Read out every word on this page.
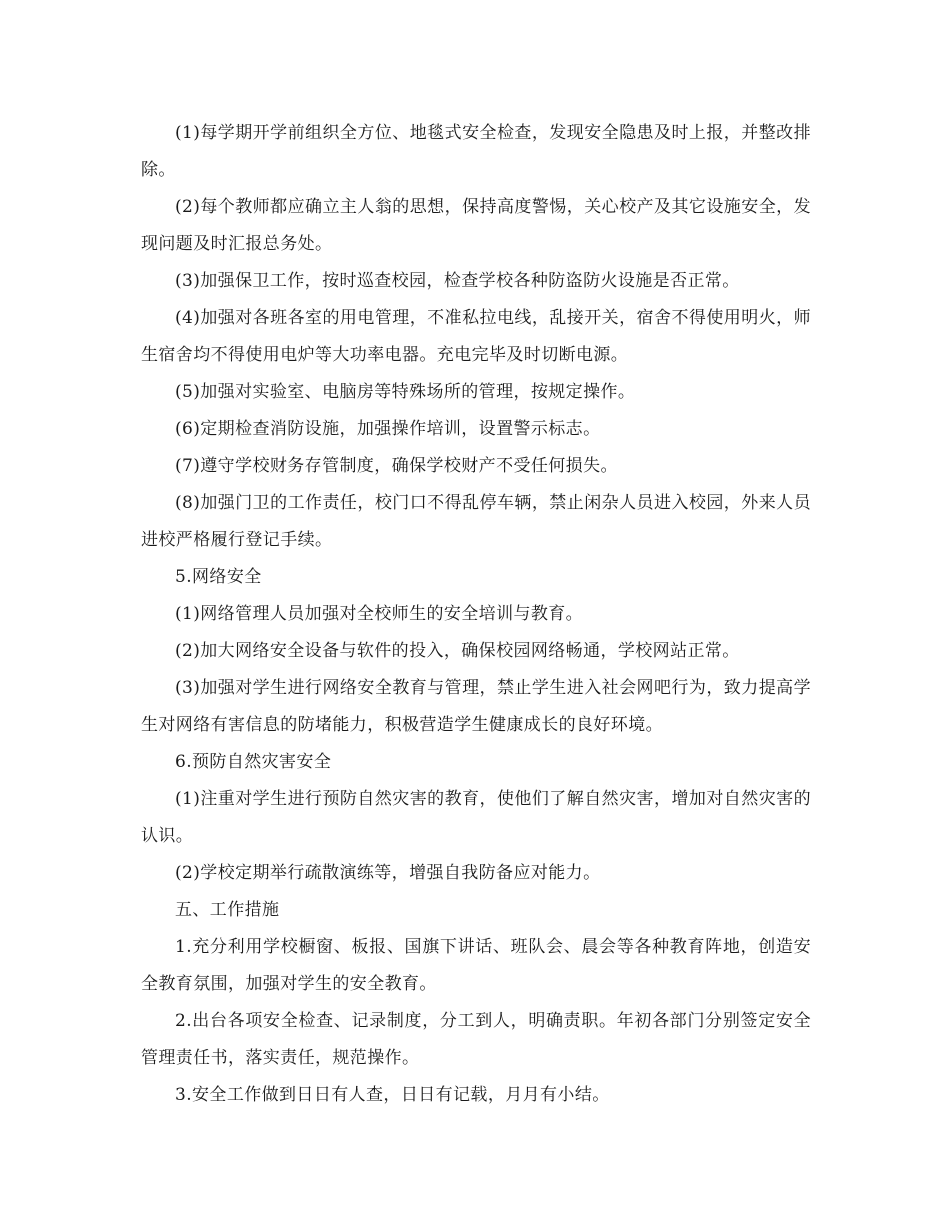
(1)每学期开学前组织全方位、地毯式安全检查，发现安全隐患及时上报，并整改排除。

(2)每个教师都应确立主人翁的思想，保持高度警惕，关心校产及其它设施安全，发现问题及时汇报总务处。

(3)加强保卫工作，按时巡查校园，检查学校各种防盗防火设施是否正常。

(4)加强对各班各室的用电管理，不准私拉电线，乱接开关，宿舍不得使用明火，师生宿舍均不得使用电炉等大功率电器。充电完毕及时切断电源。

(5)加强对实验室、电脑房等特殊场所的管理，按规定操作。

(6)定期检查消防设施，加强操作培训，设置警示标志。

(7)遵守学校财务存管制度，确保学校财产不受任何损失。

(8)加强门卫的工作责任，校门口不得乱停车辆，禁止闲杂人员进入校园，外来人员进校严格履行登记手续。

5.网络安全

(1)网络管理人员加强对全校师生的安全培训与教育。

(2)加大网络安全设备与软件的投入，确保校园网络畅通，学校网站正常。

(3)加强对学生进行网络安全教育与管理，禁止学生进入社会网吧行为，致力提高学生对网络有害信息的防堵能力，积极营造学生健康成长的良好环境。

6.预防自然灾害安全

(1)注重对学生进行预防自然灾害的教育，使他们了解自然灾害，增加对自然灾害的认识。

(2)学校定期举行疏散演练等，增强自我防备应对能力。

五、工作措施

1.充分利用学校橱窗、板报、国旗下讲话、班队会、晨会等各种教育阵地，创造安全教育氛围，加强对学生的安全教育。

2.出台各项安全检查、记录制度，分工到人，明确责职。年初各部门分别签定安全管理责任书，落实责任，规范操作。

3.安全工作做到日日有人查，日日有记载，月月有小结。
